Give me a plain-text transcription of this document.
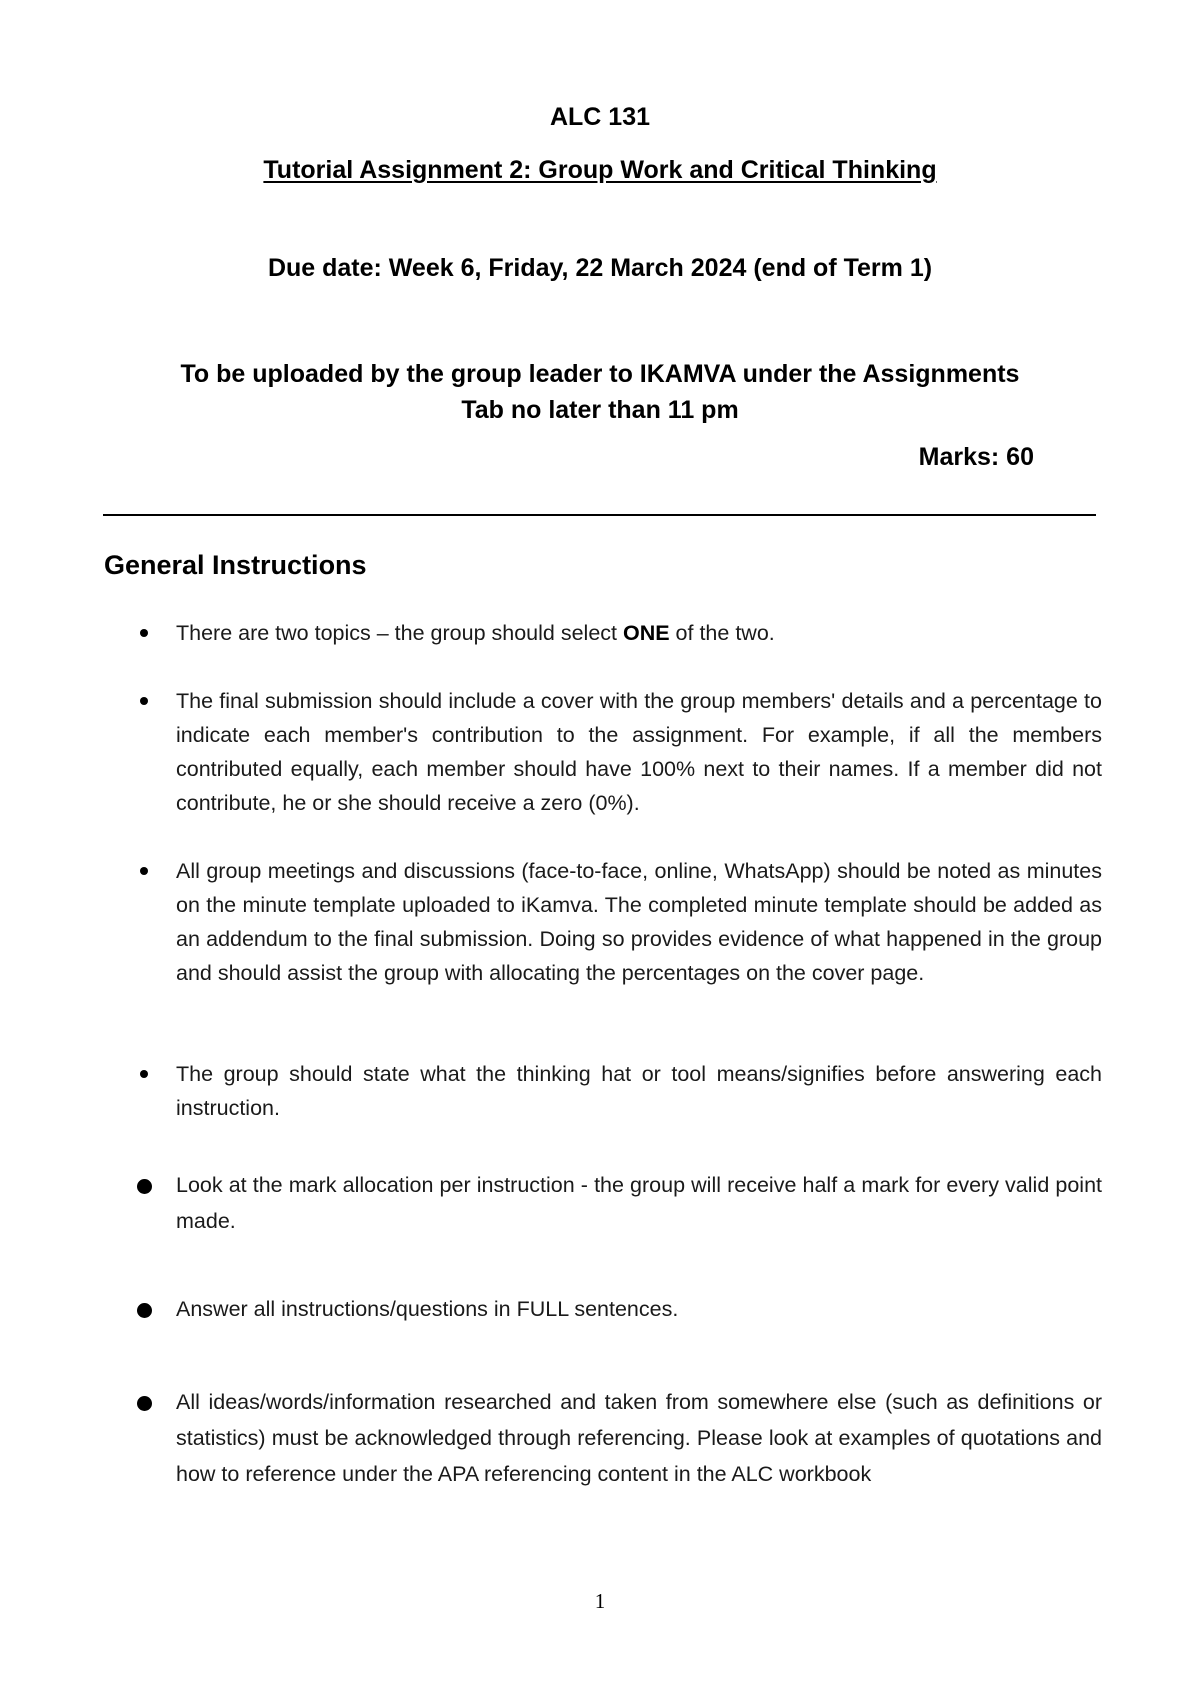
ALC 131
Tutorial Assignment 2: Group Work and Critical Thinking
Due date: Week 6, Friday, 22 March 2024 (end of Term 1)
To be uploaded by the group leader to IKAMVA under the Assignments
Tab no later than 11 pm
Marks: 60
General Instructions
There are two topics – the group should select ONE of the two.
The final submission should include a cover with the group members' details and a percentage to indicate each member's contribution to the assignment. For example, if all the members contributed equally, each member should have 100% next to their names. If a member did not contribute, he or she should receive a zero (0%).
All group meetings and discussions (face-to-face, online, WhatsApp) should be noted as minutes on the minute template uploaded to iKamva. The completed minute template should be added as an addendum to the final submission. Doing so provides evidence of what happened in the group and should assist the group with allocating the percentages on the cover page.
The group should state what the thinking hat or tool means/signifies before answering each instruction.
Look at the mark allocation per instruction - the group will receive half a mark for every valid point made.
Answer all instructions/questions in FULL sentences.
All ideas/words/information researched and taken from somewhere else (such as definitions or statistics) must be acknowledged through referencing. Please look at examples of quotations and how to reference under the APA referencing content in the ALC workbook
1
